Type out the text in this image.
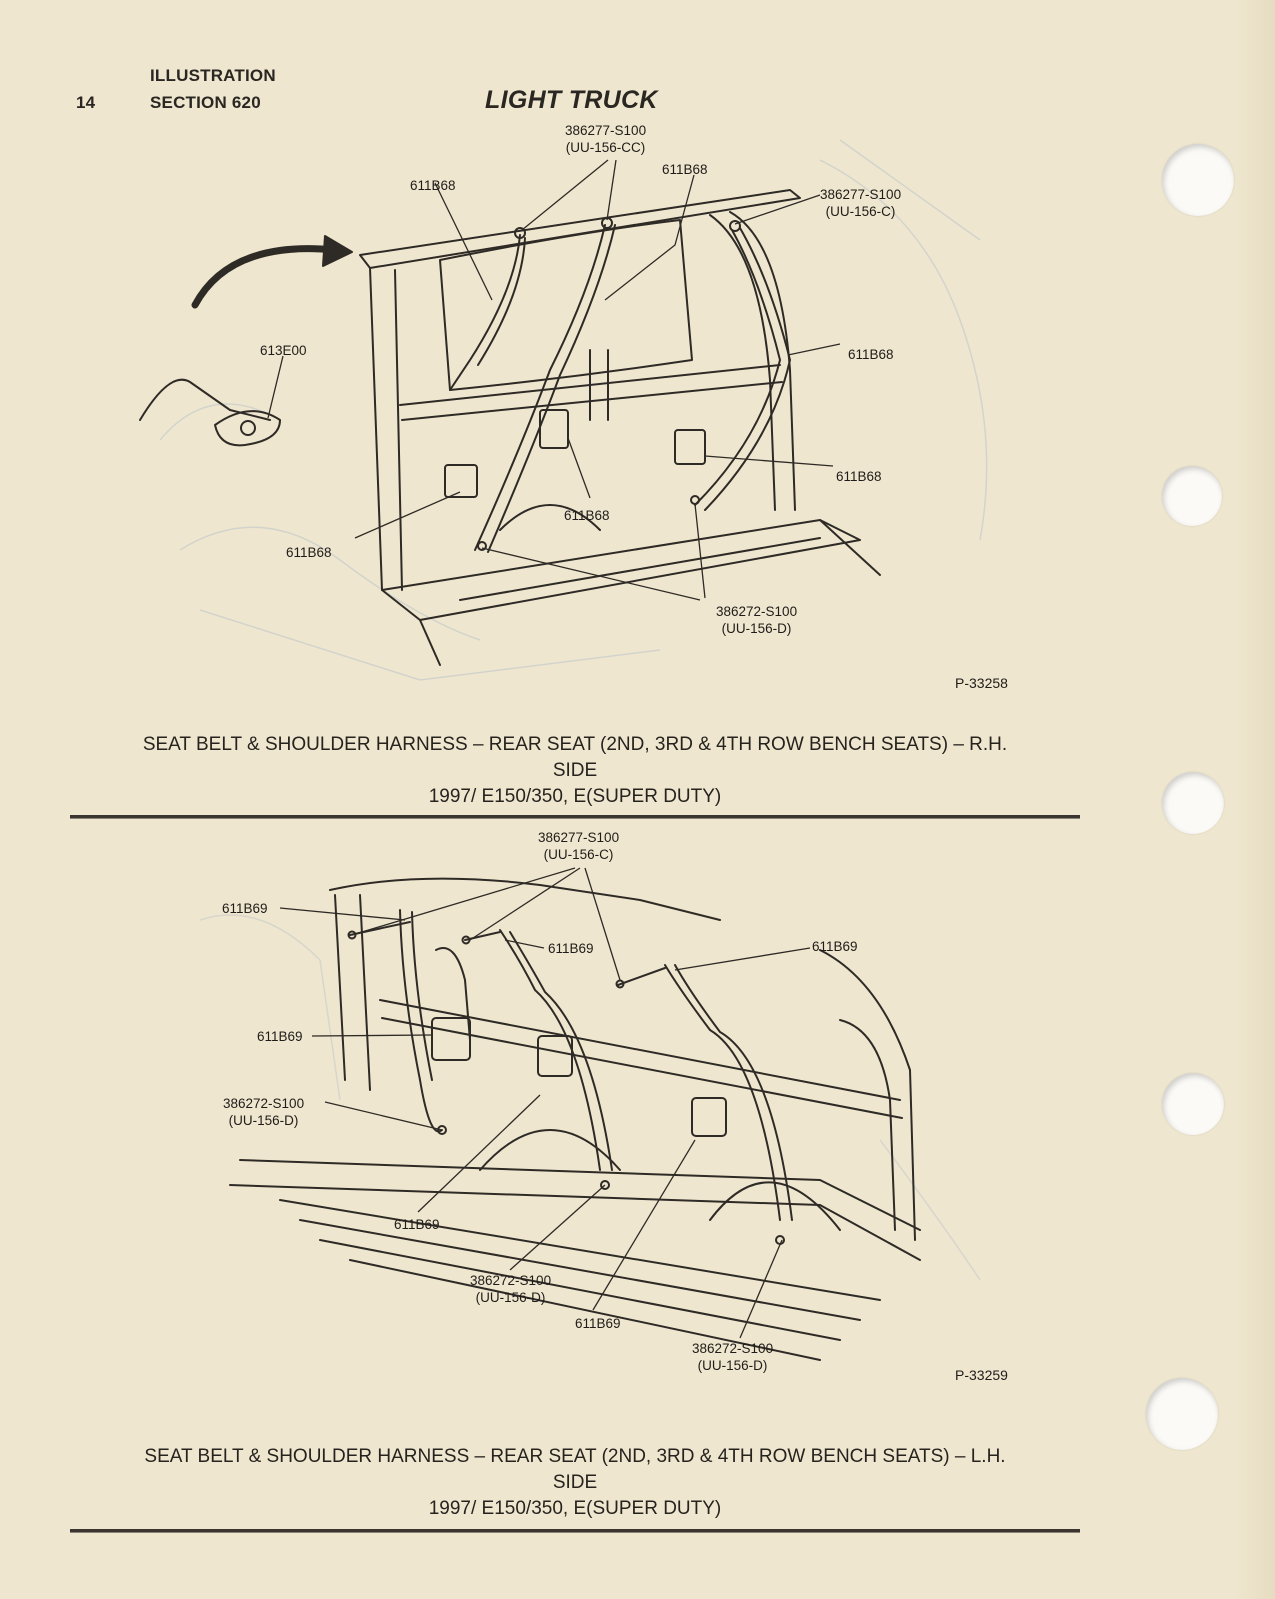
14
ILLUSTRATION
SECTION 620	LIGHT TRUCK
386277-S100
(UU-156-CC)
611B68
611B68
386277-S100
(UU-156-C)
613E00	611B68
611B68
611B68
611B68
386272-S100
(UU-156-D)
P-33258
SEAT BELT & SHOULDER HARNESS – REAR SEAT (2ND, 3RD & 4TH ROW BENCH SEATS) – R.H.
SIDE
1997/ E150/350, E(SUPER DUTY)
386277-S100
(UU-156-C)
611B69
611B69	611B69
611B69
386272-S100
(UU-156-D)
611B69
386272-S100
(UU-156-D)
611B69
386272-S100
(UU-156-D)
P-33259
SEAT BELT & SHOULDER HARNESS – REAR SEAT (2ND, 3RD & 4TH ROW BENCH SEATS) – L.H.
SIDE
1997/ E150/350, E(SUPER DUTY)
